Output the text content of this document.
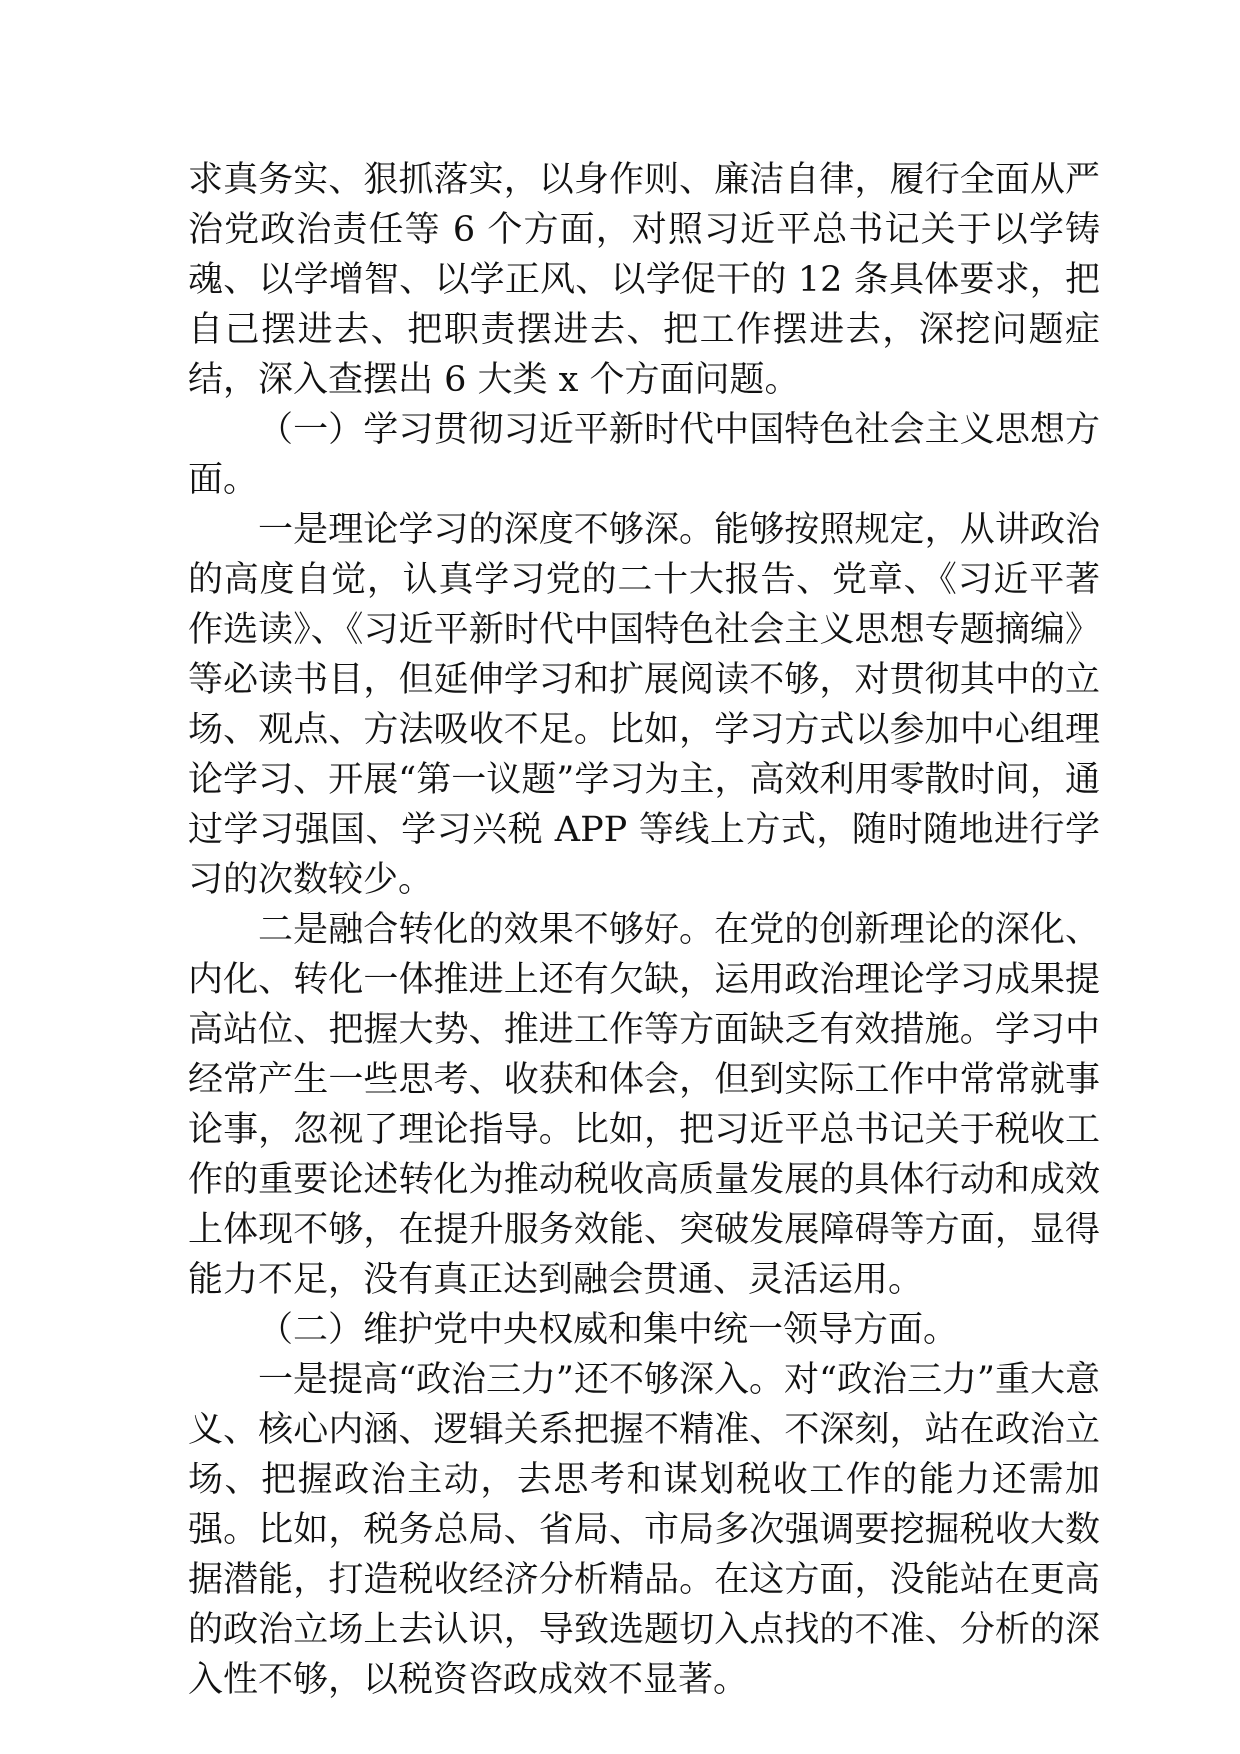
求真务实、狠抓落实，以身作则、廉洁自律，履行全面从严治党政治责任等 6 个方面，对照习近平总书记关于以学铸魂、以学增智、以学正风、以学促干的 12 条具体要求，把自己摆进去、把职责摆进去、把工作摆进去，深挖问题症结，深入查摆出 6 大类 x 个方面问题。

（一）学习贯彻习近平新时代中国特色社会主义思想方面。

一是理论学习的深度不够深。能够按照规定，从讲政治的高度自觉，认真学习党的二十大报告、党章、《习近平著作选读》、《习近平新时代中国特色社会主义思想专题摘编》等必读书目，但延伸学习和扩展阅读不够，对贯彻其中的立场、观点、方法吸收不足。比如，学习方式以参加中心组理论学习、开展“第一议题”学习为主，高效利用零散时间，通过学习强国、学习兴税 APP 等线上方式，随时随地进行学习的次数较少。

二是融合转化的效果不够好。在党的创新理论的深化、内化、转化一体推进上还有欠缺，运用政治理论学习成果提高站位、把握大势、推进工作等方面缺乏有效措施。学习中经常产生一些思考、收获和体会，但到实际工作中常常就事论事，忽视了理论指导。比如，把习近平总书记关于税收工作的重要论述转化为推动税收高质量发展的具体行动和成效上体现不够，在提升服务效能、突破发展障碍等方面，显得能力不足，没有真正达到融会贯通、灵活运用。

（二）维护党中央权威和集中统一领导方面。

一是提高“政治三力”还不够深入。对“政治三力”重大意义、核心内涵、逻辑关系把握不精准、不深刻，站在政治立场、把握政治主动，去思考和谋划税收工作的能力还需加强。比如，税务总局、省局、市局多次强调要挖掘税收大数据潜能，打造税收经济分析精品。在这方面，没能站在更高的政治立场上去认识，导致选题切入点找的不准、分析的深入性不够，以税资咨政成效不显著。
